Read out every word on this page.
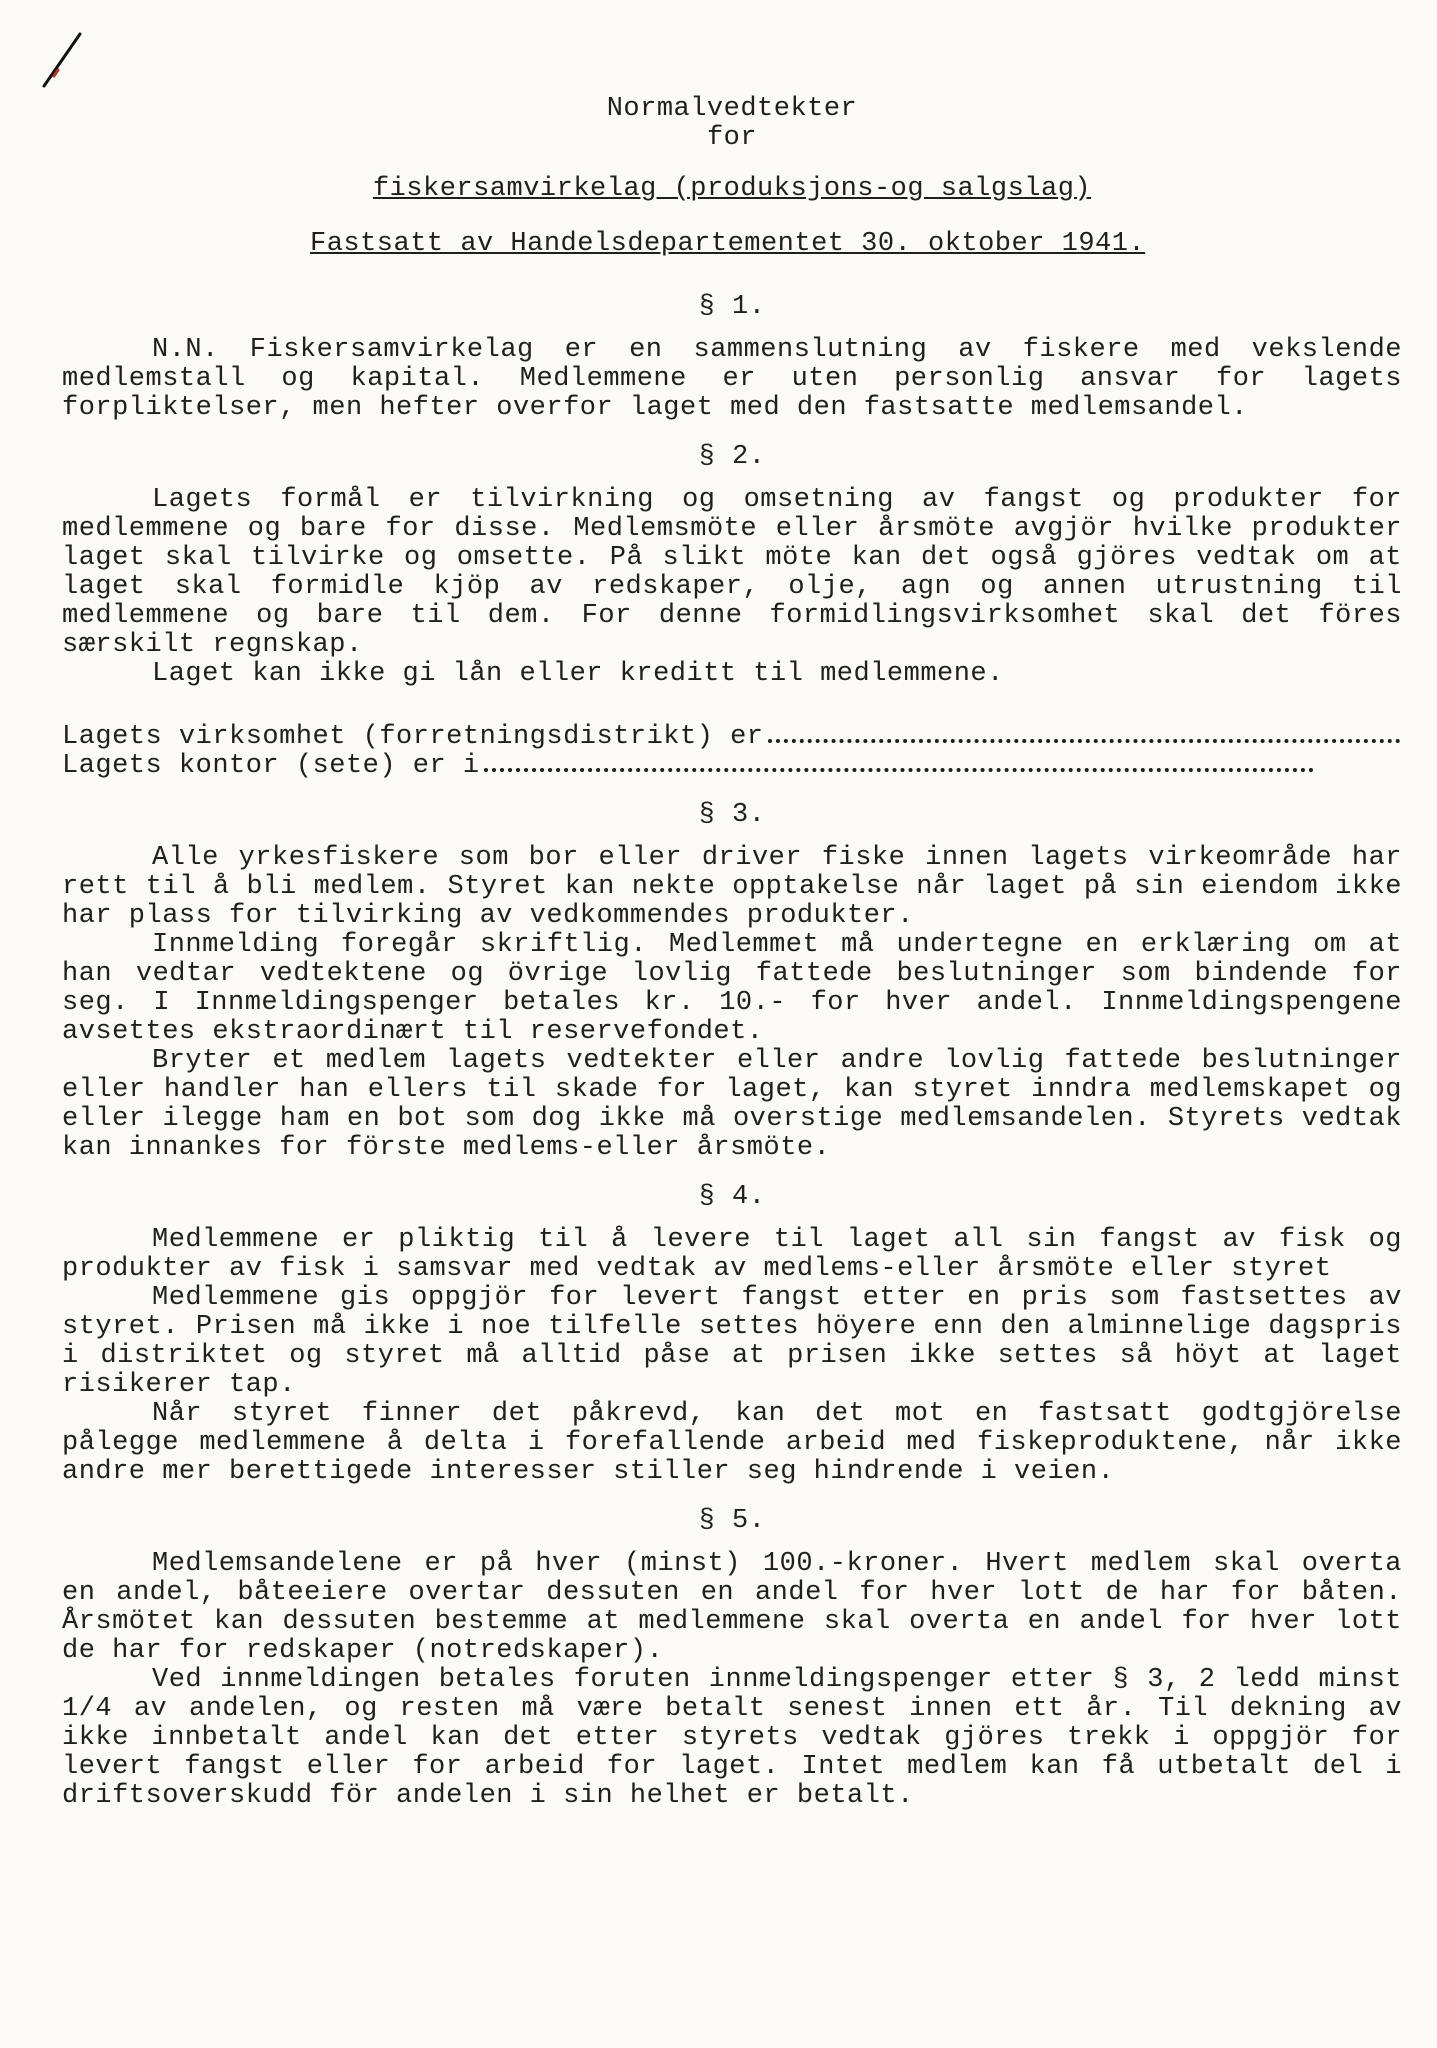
Normalvedtekter
for
fiskersamvirkelag (produksjons-og salgslag)
Fastsatt av Handelsdepartementet 30. oktober 1941.
§ 1.

N.N. Fiskersamvirkelag er en sammenslutning av fiskere med vekslende medlemstall og kapital. Medlemmene er uten personlig ansvar for lagets forpliktelser, men hefter overfor laget med den fastsatte medlemsandel.

§ 2.

Lagets formål er tilvirkning og omsetning av fangst og produkter for medlemmene og bare for disse. Medlemsmöte eller årsmöte avgjör hvilke produkter laget skal tilvirke og omsette. På slikt möte kan det også gjöres vedtak om at laget skal formidle kjöp av redskaper, olje, agn og annen utrustning til medlemmene og bare til dem. For denne formidlingsvirksomhet skal det föres særskilt regnskap.

Laget kan ikke gi lån eller kreditt til medlemmene.

Lagets virksomhet (forretningsdistrikt) er
Lagets kontor (sete) er i
§ 3.

Alle yrkesfiskere som bor eller driver fiske innen lagets virkeområde har rett til å bli medlem. Styret kan nekte opptakelse når laget på sin eiendom ikke har plass for tilvirking av vedkommendes produkter.

Innmelding foregår skriftlig. Medlemmet må undertegne en erklæring om at han vedtar vedtektene og övrige lovlig fattede beslutninger som bindende for seg. I Innmeldingspenger betales kr. 10.- for hver andel. Innmeldingspengene avsettes ekstraordinært til reservefondet.

Bryter et medlem lagets vedtekter eller andre lovlig fattede beslutninger eller handler han ellers til skade for laget, kan styret inndra medlemskapet og eller ilegge ham en bot som dog ikke må overstige medlemsandelen. Styrets vedtak kan innankes for förste medlems-eller årsmöte.

§ 4.

Medlemmene er pliktig til å levere til laget all sin fangst av fisk og produkter av fisk i samsvar med vedtak av medlems-eller årsmöte eller styret

Medlemmene gis oppgjör for levert fangst etter en pris som fastsettes av styret. Prisen må ikke i noe tilfelle settes höyere enn den alminnelige dagspris i distriktet og styret må alltid påse at prisen ikke settes så höyt at laget risikerer tap.

Når styret finner det påkrevd, kan det mot en fastsatt godtgjörelse pålegge medlemmene å delta i forefallende arbeid med fiskeproduktene, når ikke andre mer berettigede interesser stiller seg hindrende i veien.

§ 5.

Medlemsandelene er på hver (minst) 100.-kroner. Hvert medlem skal overta en andel, båteeiere overtar dessuten en andel for hver lott de har for båten. Årsmötet kan dessuten bestemme at medlemmene skal overta en andel for hver lott de har for redskaper (notredskaper).

Ved innmeldingen betales foruten innmeldingspenger etter § 3, 2 ledd minst 1/4 av andelen, og resten må være betalt senest innen ett år. Til dekning av ikke innbetalt andel kan det etter styrets vedtak gjöres trekk i oppgjör for levert fangst eller for arbeid for laget. Intet medlem kan få utbetalt del i driftsoverskudd för andelen i sin helhet er betalt.
